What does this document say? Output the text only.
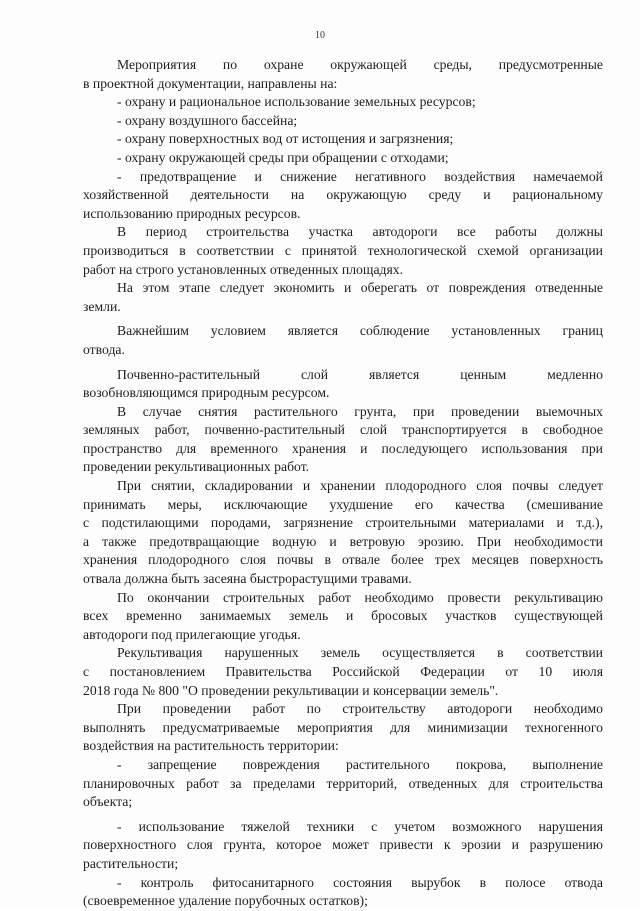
10
Мероприятия по охране окружающей среды, предусмотренные
в проектной документации, направлены на:
- охрану и рациональное использование земельных ресурсов;
- охрану воздушного бассейна;
- охрану поверхностных вод от истощения и загрязнения;
- охрану окружающей среды при обращении с отходами;
- предотвращение и снижение негативного воздействия намечаемой
хозяйственной деятельности на окружающую среду и рациональному
использованию природных ресурсов.
В период строительства участка автодороги все работы должны
производиться в соответствии с принятой технологической схемой организации
работ на строго установленных отведенных площадях.
На этом этапе следует экономить и оберегать от повреждения отведенные
земли.
Важнейшим условием является соблюдение установленных границ
отвода.
Почвенно-растительный слой является ценным медленно
возобновляющимся природным ресурсом.
В случае снятия растительного грунта, при проведении выемочных
земляных работ, почвенно-растительный слой транспортируется в свободное
пространство для временного хранения и последующего использования при
проведении рекультивационных работ.
При снятии, складировании и хранении плодородного слоя почвы следует
принимать меры, исключающие ухудшение его качества (смешивание
с подстилающими породами, загрязнение строительными материалами и т.д.),
а также предотвращающие водную и ветровую эрозию. При необходимости
хранения плодородного слоя почвы в отвале более трех месяцев поверхность
отвала должна быть засеяна быстрорастущими травами.
По окончании строительных работ необходимо провести рекультивацию
всех временно занимаемых земель и бросовых участков существующей
автодороги под прилегающие угодья.
Рекультивация нарушенных земель осуществляется в соответствии
с постановлением Правительства Российской Федерации от 10 июля
2018 года № 800 "О проведении рекультивации и консервации земель".
При проведении работ по строительству автодороги необходимо
выполнять предусматриваемые мероприятия для минимизации техногенного
воздействия на растительность территории:
- запрещение повреждения растительного покрова, выполнение
планировочных работ за пределами территорий, отведенных для строительства
объекта;
- использование тяжелой техники с учетом возможного нарушения
поверхностного слоя грунта, которое может привести к эрозии и разрушению
растительности;
- контроль фитосанитарного состояния вырубок в полосе отвода
(своевременное удаление порубочных остатков);
